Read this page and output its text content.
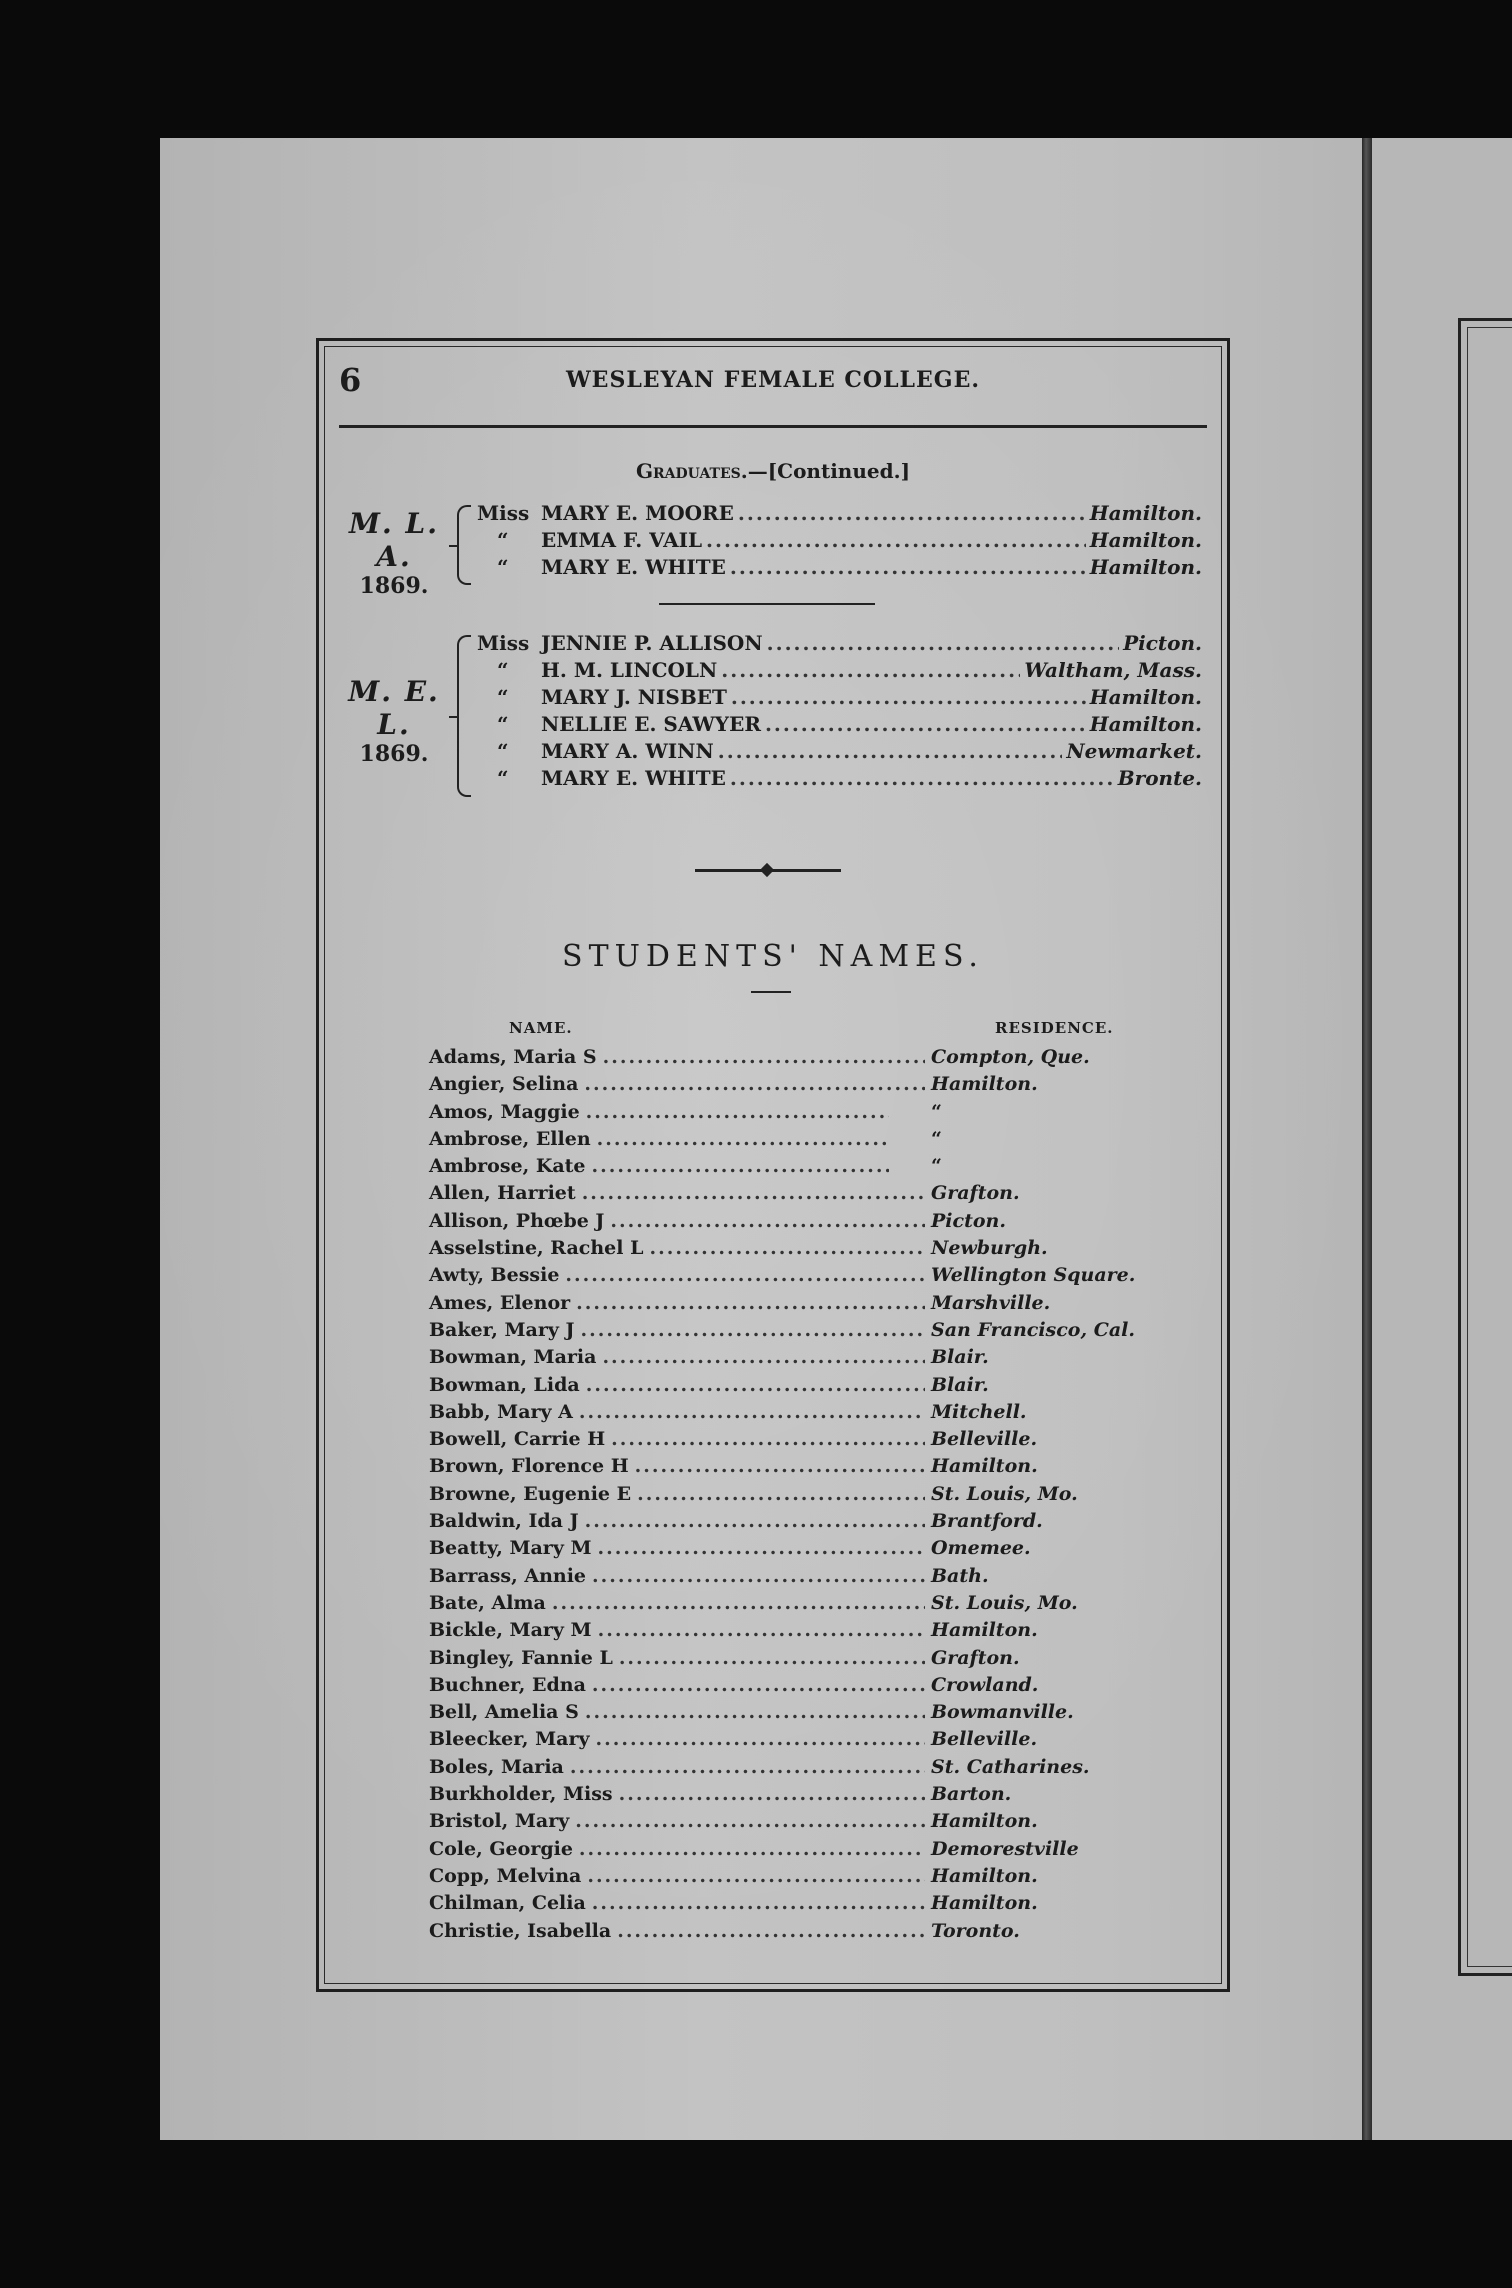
6	WESLEYAN FEMALE COLLEGE.
Graduates.—[Continued.]
M. L. A.
1869.
Miss MARY E. MOORE .....	Hamilton.
“	EMMA F. VAIL .....	Hamilton.
“	MARY E. WHITE .....	Hamilton.
M. E. L.
1869.
Miss JENNIE P. ALLISON .....	Picton.
“	H. M. LINCOLN .....	Waltham, Mass.
“	MARY J. NISBET .....	Hamilton.
“	NELLIE E. SAWYER .....	Hamilton.
“	MARY A. WINN .....	Newmarket.
“	MARY E. WHITE .....	Bronte.
STUDENTS' NAMES.
NAME.	RESIDENCE.
Adams, Maria S .....	Compton, Que.
Angier, Selina .....	Hamilton.
Amos, Maggie .....	“
Ambrose, Ellen .....	“
Ambrose, Kate .....	“
Allen, Harriet .....	Grafton.
Allison, Phœbe J .....	Picton.
Asselstine, Rachel L .....	Newburgh.
Awty, Bessie .....	Wellington Square.
Ames, Elenor .....	Marshville.
Baker, Mary J .....	San Francisco, Cal.
Bowman, Maria .....	Blair.
Bowman, Lida .....	Blair.
Babb, Mary A .....	Mitchell.
Bowell, Carrie H .....	Belleville.
Brown, Florence H .....	Hamilton.
Browne, Eugenie E .....	St. Louis, Mo.
Baldwin, Ida J .....	Brantford.
Beatty, Mary M .....	Omemee.
Barrass, Annie .....	Bath.
Bate, Alma .....	St. Louis, Mo.
Bickle, Mary M .....	Hamilton.
Bingley, Fannie L .....	Grafton.
Buchner, Edna .....	Crowland.
Bell, Amelia S .....	Bowmanville.
Bleecker, Mary .....	Belleville.
Boles, Maria .....	St. Catharines.
Burkholder, Miss .....	Barton.
Bristol, Mary .....	Hamilton.
Cole, Georgie .....	Demorestville
Copp, Melvina .....	Hamilton.
Chilman, Celia .....	Hamilton.
Christie, Isabella .....	Toronto.
